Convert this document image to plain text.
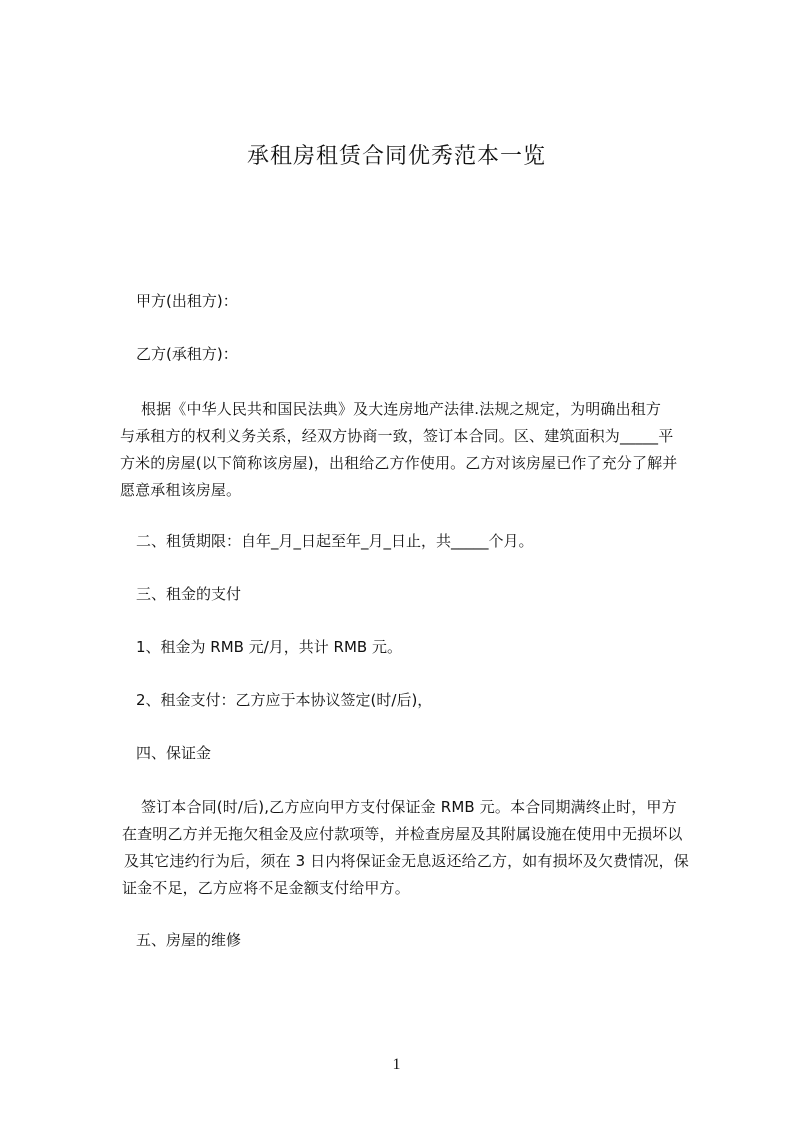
承租房租赁合同优秀范本一览
甲方(出租方)：
乙方(承租方)：
根据《中华人民共和国民法典》及大连房地产法律.法规之规定，为明确出租方
与承租方的权利义务关系，经双方协商一致，签订本合同。区、建筑面积为_____平
方米的房屋(以下简称该房屋)，出租给乙方作使用。乙方对该房屋已作了充分了解并
愿意承租该房屋。
二、租赁期限：自年_月_日起至年_月_日止，共_____个月。
三、租金的支付
1、租金为 RMB 元/月，共计 RMB 元。
2、租金支付：乙方应于本协议签定(时/后)，
四、保证金
签订本合同(时/后),乙方应向甲方支付保证金 RMB 元。本合同期满终止时，甲方
在查明乙方并无拖欠租金及应付款项等，并检查房屋及其附属设施在使用中无损坏以
及其它违约行为后，须在 3 日内将保证金无息返还给乙方，如有损坏及欠费情况，保
证金不足，乙方应将不足金额支付给甲方。
五、房屋的维修
1
